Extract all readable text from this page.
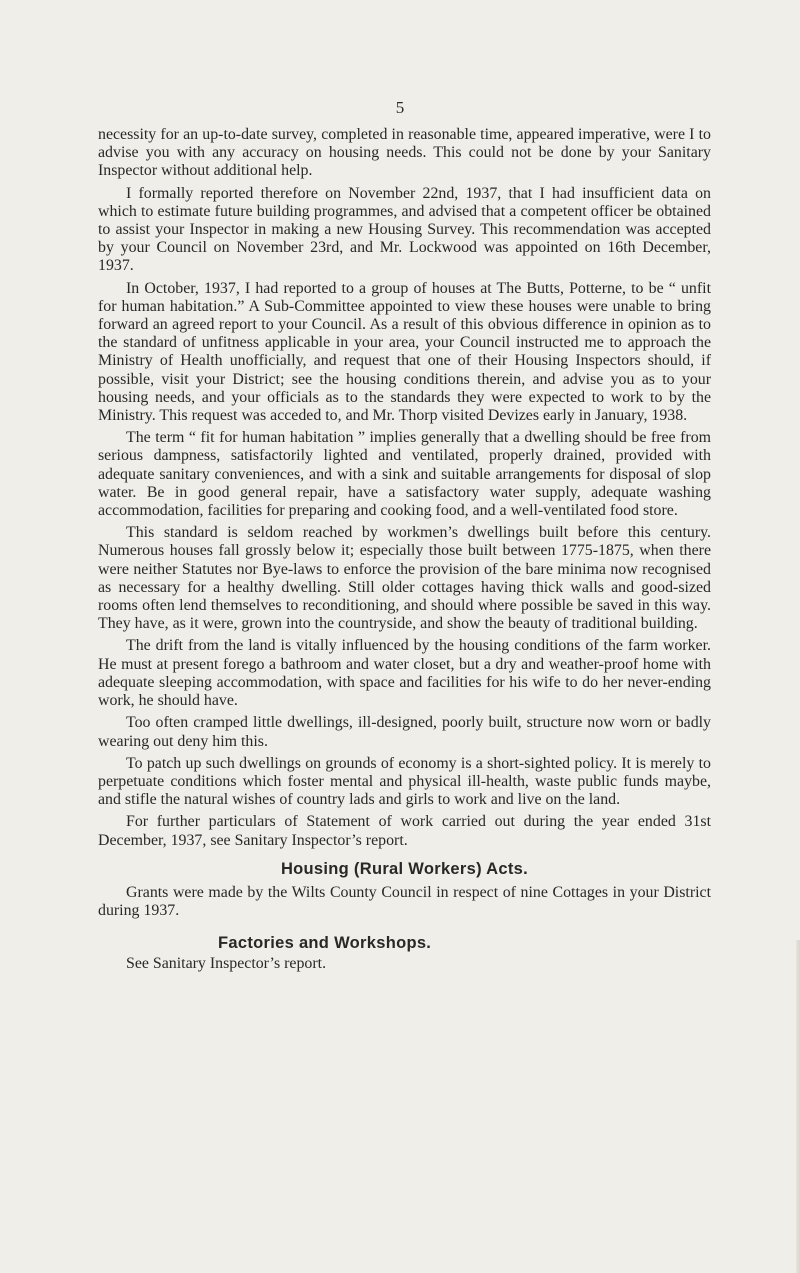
5

necessity for an up-to-date survey, completed in reasonable time, appeared imperative, were I to advise you with any accuracy on housing needs. This could not be done by your Sanitary Inspector without additional help.

I formally reported therefore on November 22nd, 1937, that I had insufficient data on which to estimate future building programmes, and advised that a competent officer be obtained to assist your Inspector in making a new Housing Survey. This recommendation was accepted by your Council on November 23rd, and Mr. Lockwood was appointed on 16th December, 1937.

In October, 1937, I had reported to a group of houses at The Butts, Potterne, to be “ unfit for human habitation.” A Sub-Committee appointed to view these houses were unable to bring forward an agreed report to your Council. As a result of this obvious difference in opinion as to the standard of unfitness applicable in your area, your Council instructed me to approach the Ministry of Health unofficially, and request that one of their Housing Inspectors should, if possible, visit your District; see the housing conditions therein, and advise you as to your housing needs, and your officials as to the standards they were expected to work to by the Ministry. This request was acceded to, and Mr. Thorp visited Devizes early in January, 1938.

The term “ fit for human habitation ” implies generally that a dwelling should be free from serious dampness, satisfactorily lighted and ventilated, properly drained, provided with adequate sanitary conveniences, and with a sink and suitable arrangements for disposal of slop water. Be in good general repair, have a satisfactory water supply, adequate washing accommodation, facilities for preparing and cooking food, and a well-ventilated food store.

This standard is seldom reached by workmen’s dwellings built before this century. Numerous houses fall grossly below it; especially those built between 1775-1875, when there were neither Statutes nor Bye-laws to enforce the provision of the bare minima now recognised as necessary for a healthy dwelling. Still older cottages having thick walls and good-sized rooms often lend themselves to reconditioning, and should where possible be saved in this way. They have, as it were, grown into the countryside, and show the beauty of traditional building.

The drift from the land is vitally influenced by the housing conditions of the farm worker. He must at present forego a bathroom and water closet, but a dry and weather-proof home with adequate sleeping accommodation, with space and facilities for his wife to do her never-ending work, he should have.

Too often cramped little dwellings, ill-designed, poorly built, structure now worn or badly wearing out deny him this.

To patch up such dwellings on grounds of economy is a short-sighted policy. It is merely to perpetuate conditions which foster mental and physical ill-health, waste public funds maybe, and stifle the natural wishes of country lads and girls to work and live on the land.

For further particulars of Statement of work carried out during the year ended 31st December, 1937, see Sanitary Inspector’s report.

Housing (Rural Workers) Acts.

Grants were made by the Wilts County Council in respect of nine Cottages in your District during 1937.

Factories and Workshops.

See Sanitary Inspector’s report.
